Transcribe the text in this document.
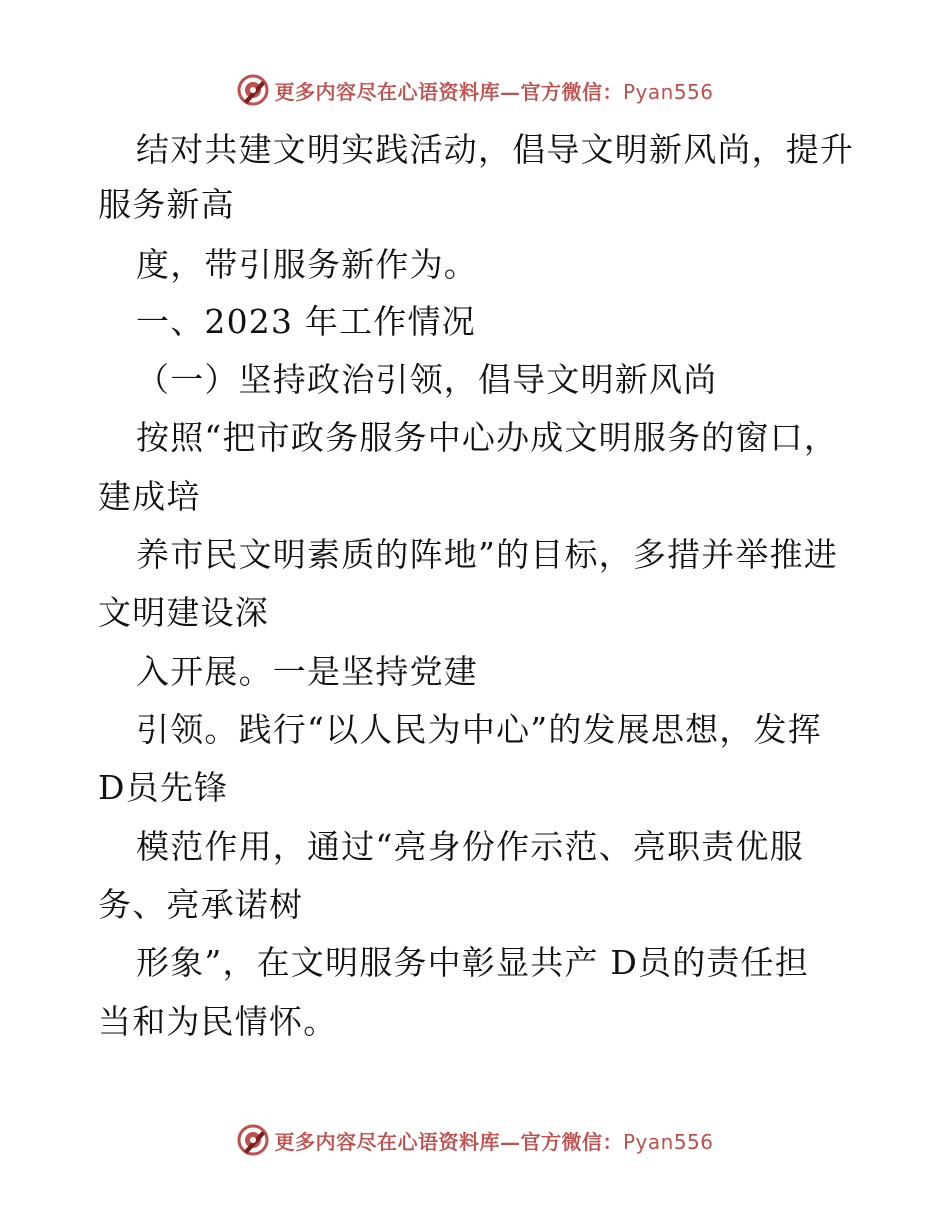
更多内容尽在心语资料库—官方微信：Pyan556
结对共建文明实践活动，倡导文明新风尚，提升
服务新高
度，带引服务新作为。
一、2023 年工作情况
（一）坚持政治引领，倡导文明新风尚
按照“把市政务服务中心办成文明服务的窗口，
建成培
养市民文明素质的阵地”的目标，多措并举推进
文明建设深
入开展。一是坚持党建
引领。践行“以人民为中心”的发展思想，发挥
D员先锋
模范作用，通过“亮身份作示范、亮职责优服
务、亮承诺树
形象”，在文明服务中彰显共产 D员的责任担
当和为民情怀。
更多内容尽在心语资料库—官方微信：Pyan556
